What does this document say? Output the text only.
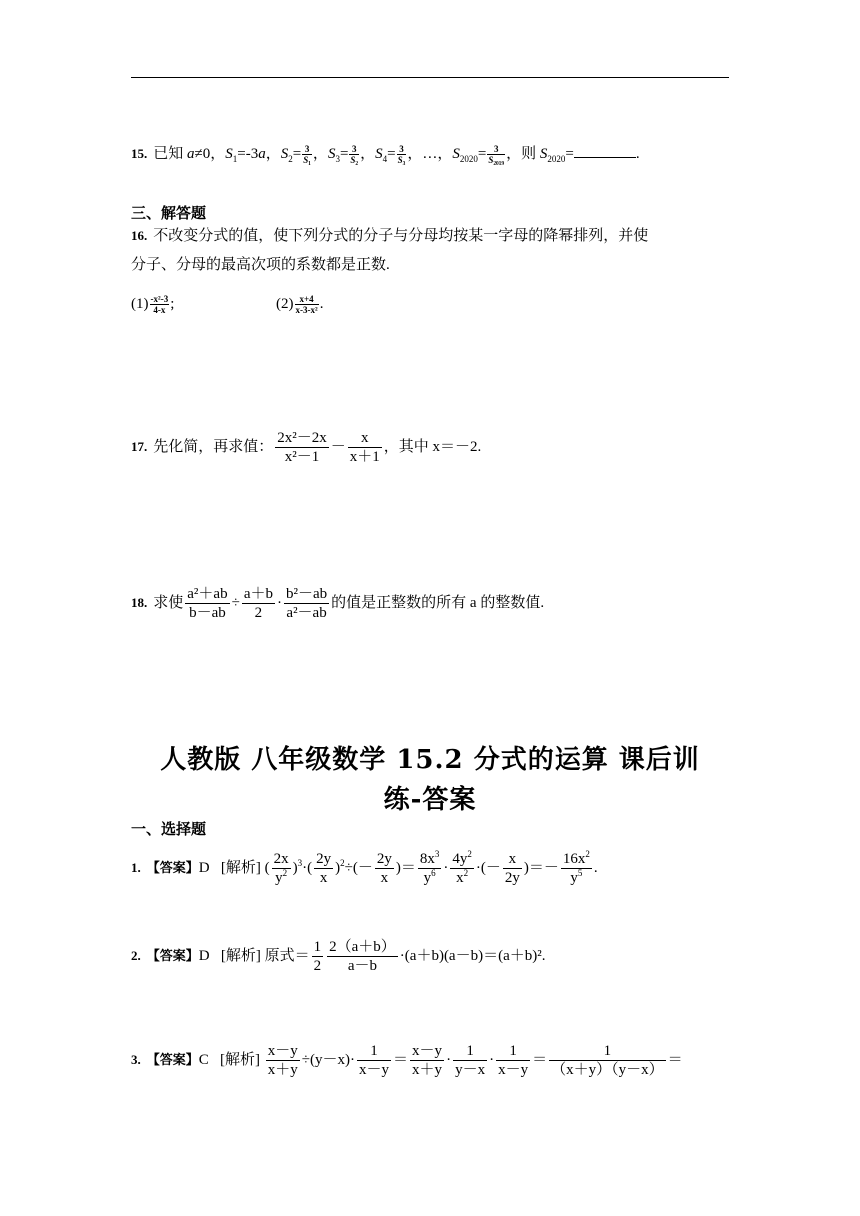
15. 已知 a≠0，$S_1=-3a$，$S_2= \frac{3}{\text{S₁}}$ ，$S_3= \frac{3}{\text{S₂}}$ ，$S_4= \frac{3}{\text{S₃}}$ ，…，$S_{2020}= \frac{3}{\text{S₂₀₁₉}}$ ，则 $S_{2020}=$	.
三、解答题
16. 不改变分式的值，使下列分式的分子与分母均按某一字母的降幂排列，并使
分子、分母的最高次项的系数都是正数.
$(1) \frac{\text{-x²-3}}{4-x}$ ;	$(2) \frac{x+4}{\text{x-3-x²}}$ .
17. 先化简，再求值： $\frac{\text{2x²－2x}}{\text{x²－1}} - \frac{x}{x+1}$ ，其中 x＝－2.
18. 求使 $\frac{\text{a²＋ab}}{b-ab} \div \frac{a+b}{2} \cdot \frac{\text{b²－ab}}{\text{a²－ab}}$ 的值是正整数的所有 a 的整数值.
人教版 八年级数学 15.2 分式的运算 课后训
练-答案
一、选择题
1. 【答案】D [解析] ( $\frac{2x}{y^2} )^3\cdot( \frac{2y}{x} )^2\div(- \frac{2y}{x}$ )＝ $\frac{8x^3}{y^6} \cdot \frac{4y^2}{x^2}$ ·(－ $\frac{x}{2y}$ )＝－ $\frac{16x^2}{y^5}$ .
2. 【答案】D [解析] 原式＝ $\frac{1}{2} \frac{2(a+b)}{a-b} \cdot(a+b)(a-b)=(a+b)^2$.
3. 【答案】C [解析] $\frac{x-y}{x+y} \div(y-x)\cdot \frac{1}{x-y} = \frac{x-y}{x+y} \cdot \frac{1}{y-x} \cdot \frac{1}{x-y} = \frac{1}{(x+y)(y-x)}$ ＝
